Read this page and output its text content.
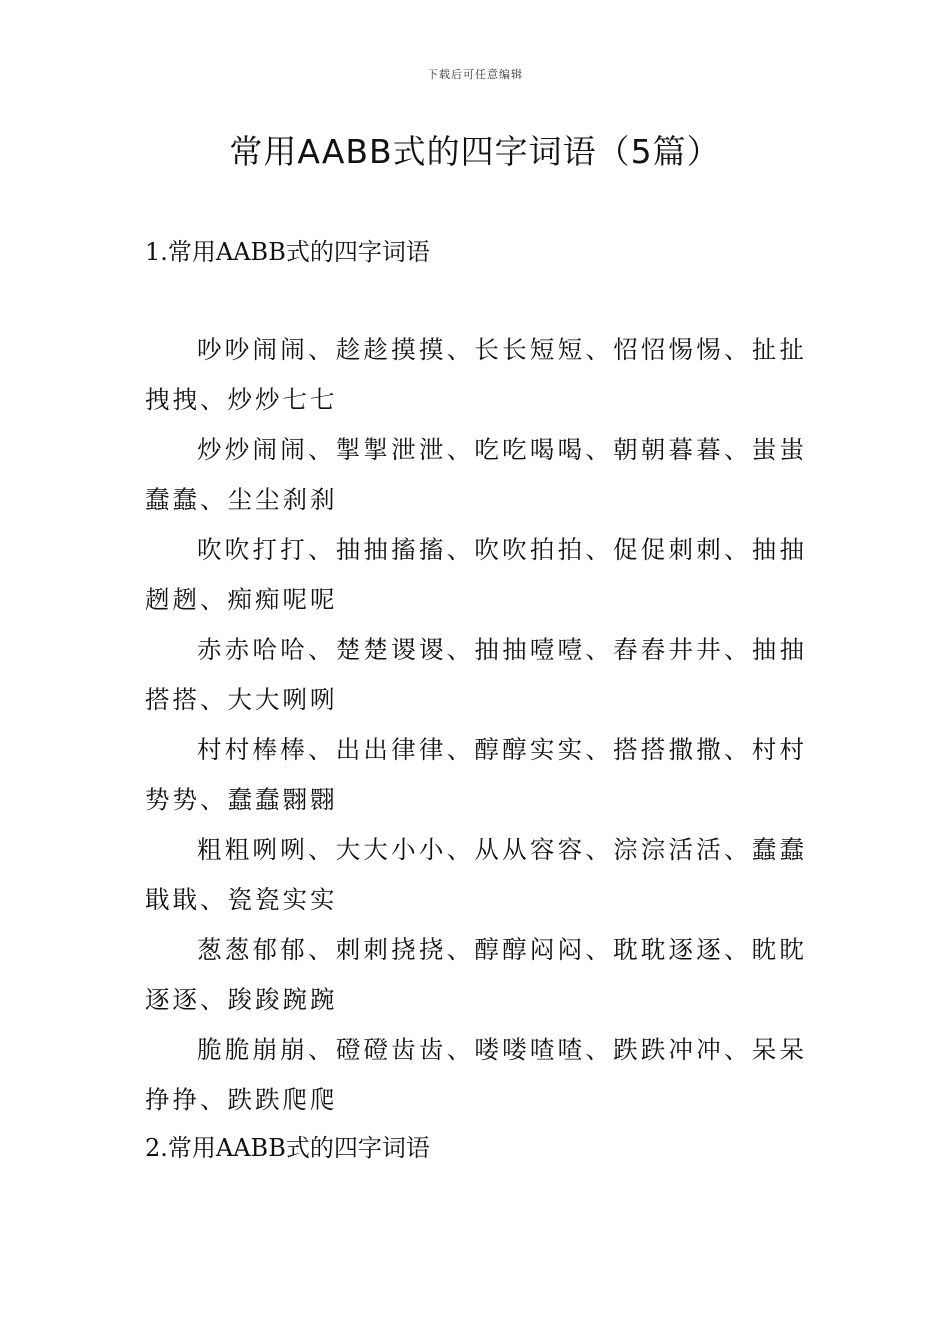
下载后可任意编辑
常用AABB式的四字词语（5篇）
1.常用AABB式的四字词语

吵吵闹闹、趁趁摸摸、长长短短、怊怊惕惕、扯扯拽拽、炒炒七七

炒炒闹闹、掣掣泄泄、吃吃喝喝、朝朝暮暮、蚩蚩蠢蠢、尘尘刹刹

吹吹打打、抽抽搐搐、吹吹拍拍、促促刺刺、抽抽趔趔、痴痴呢呢

赤赤哈哈、楚楚谡谡、抽抽噎噎、舂舂井井、抽抽搭搭、大大咧咧

村村棒棒、出出律律、醇醇实实、搭搭撒撒、村村势势、蠢蠢翾翾

粗粗咧咧、大大小小、从从容容、淙淙活活、蠢蠢戢戢、瓷瓷实实

葱葱郁郁、刺刺挠挠、醇醇闷闷、耽耽逐逐、眈眈逐逐、踆踆踠踠

脆脆崩崩、磴磴齿齿、喽喽喳喳、跌跌冲冲、呆呆挣挣、跌跌爬爬

2.常用AABB式的四字词语
